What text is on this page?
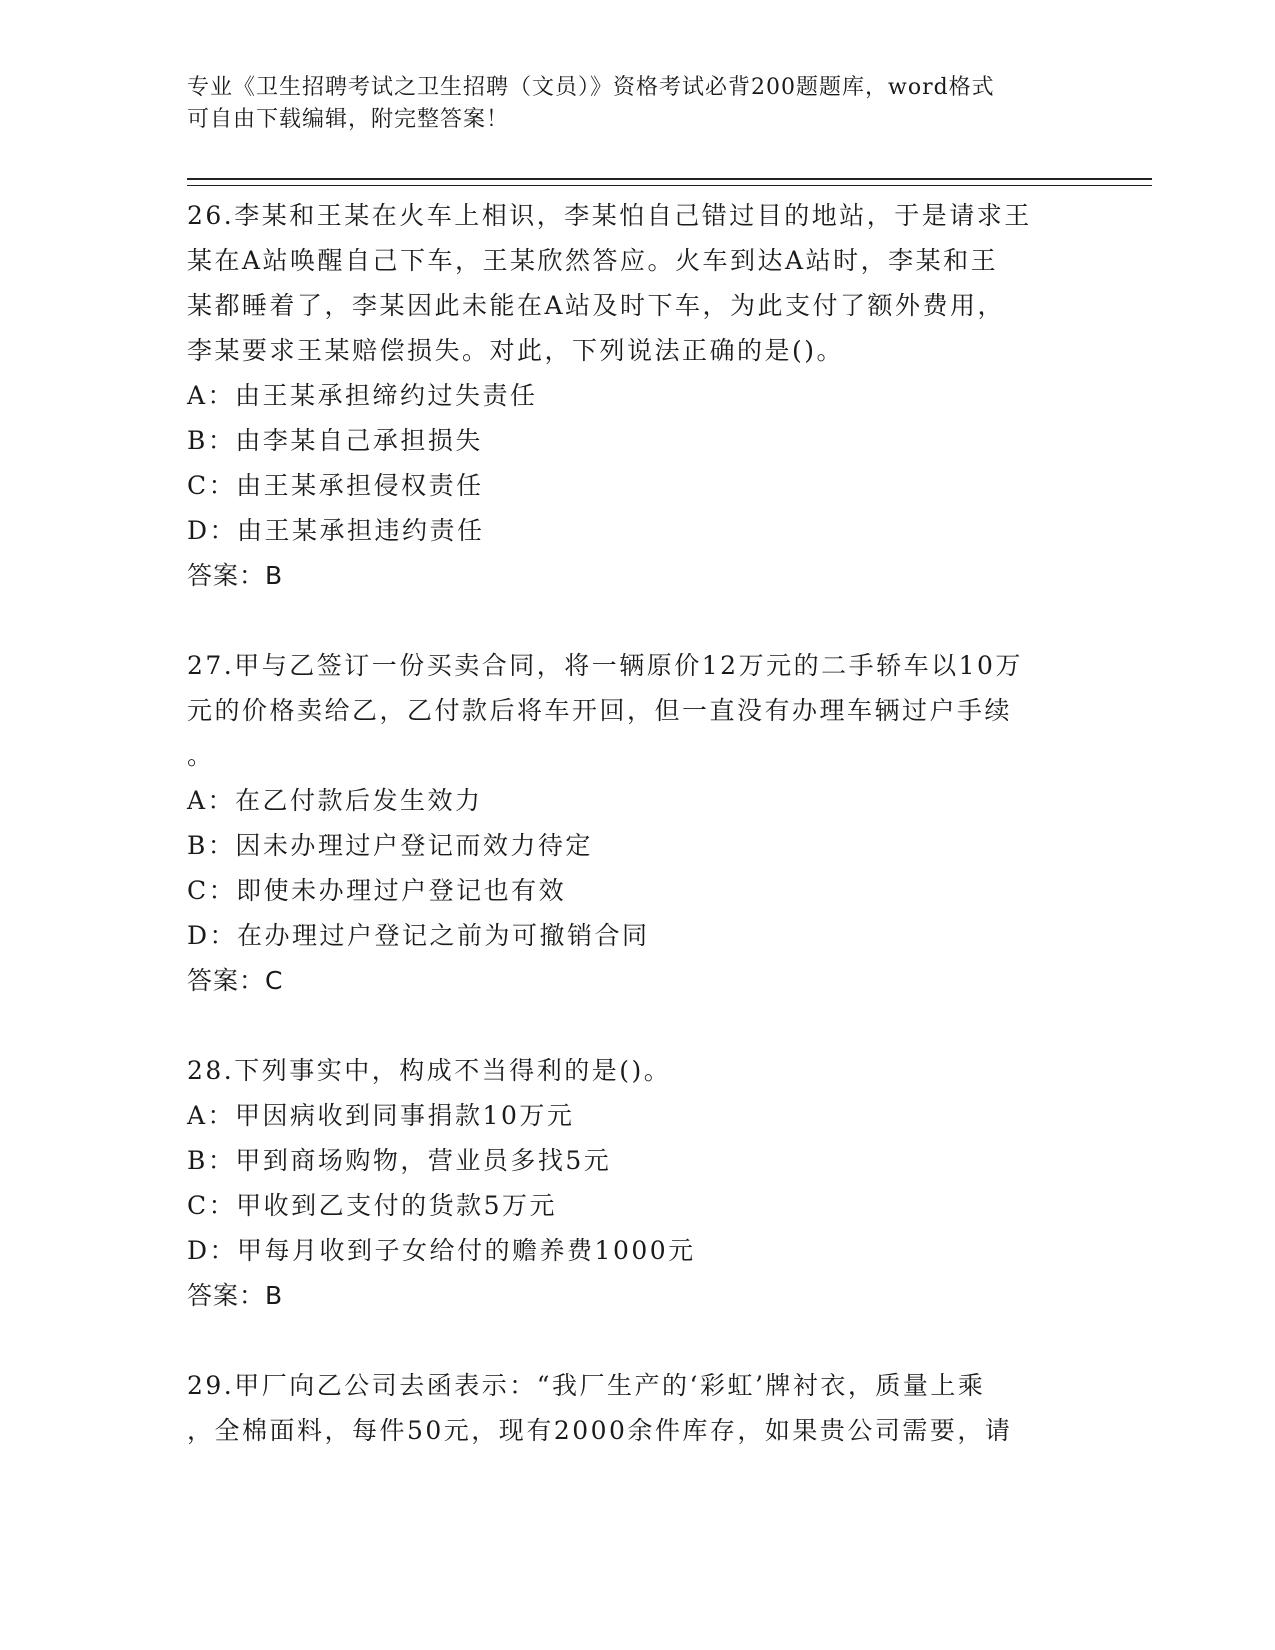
专业《卫生招聘考试之卫生招聘（文员）》资格考试必背200题题库，word格式

可自由下载编辑，附完整答案！

26.李某和王某在火车上相识，李某怕自己错过目的地站，于是请求王

某在A站唤醒自己下车，王某欣然答应。火车到达A站时，李某和王

某都睡着了，李某因此未能在A站及时下车，为此支付了额外费用，

李某要求王某赔偿损失。对此，下列说法正确的是()。

A：由王某承担缔约过失责任

B：由李某自己承担损失

C：由王某承担侵权责任

D：由王某承担违约责任

答案：B

27.甲与乙签订一份买卖合同，将一辆原价12万元的二手轿车以10万

元的价格卖给乙，乙付款后将车开回，但一直没有办理车辆过户手续

。

A：在乙付款后发生效力

B：因未办理过户登记而效力待定

C：即使未办理过户登记也有效

D：在办理过户登记之前为可撤销合同

答案：C

28.下列事实中，构成不当得利的是()。

A：甲因病收到同事捐款10万元

B：甲到商场购物，营业员多找5元

C：甲收到乙支付的货款5万元

D：甲每月收到子女给付的赡养费1000元

答案：B

29.甲厂向乙公司去函表示：“我厂生产的‘彩虹’牌衬衣，质量上乘

，全棉面料，每件50元，现有2000余件库存，如果贵公司需要，请
